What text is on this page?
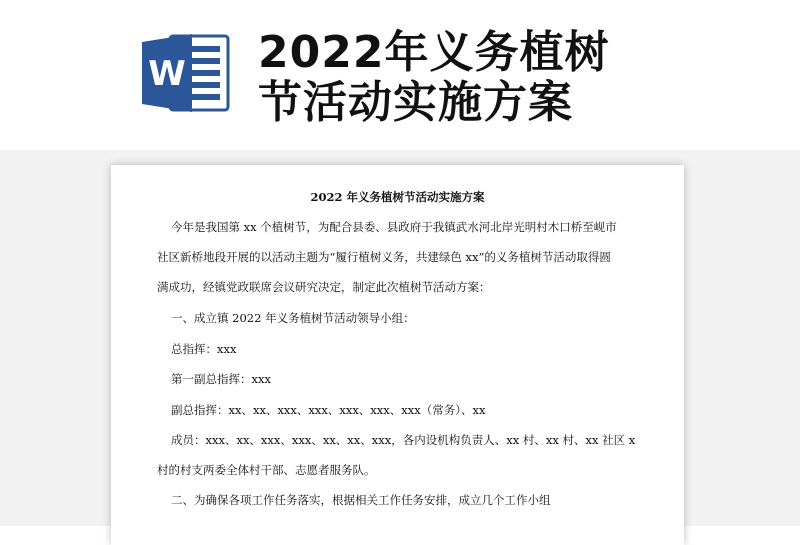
W 2022年义务植树
节活动实施方案
2022 年义务植树节活动实施方案
今年是我国第 xx 个植树节，为配合县委、县政府于我镇武水河北岸光明村木口桥至岘市
社区新桥地段开展的以活动主题为“履行植树义务，共建绿色 xx”的义务植树节活动取得圆
满成功，经镇党政联席会议研究决定，制定此次植树节活动方案：
一、成立镇 2022 年义务植树节活动领导小组：
总指挥：xxx
第一副总指挥：xxx
副总指挥：xx、xx、xxx、xxx、xxx、xxx、xxx（常务）、xx
成员：xxx、xx、xxx、xxx、xx、xx、xxx，各内设机构负责人、xx 村、xx 村、xx 社区 x
村的村支两委全体村干部、志愿者服务队。
二、为确保各项工作任务落实，根据相关工作任务安排，成立几个工作小组
